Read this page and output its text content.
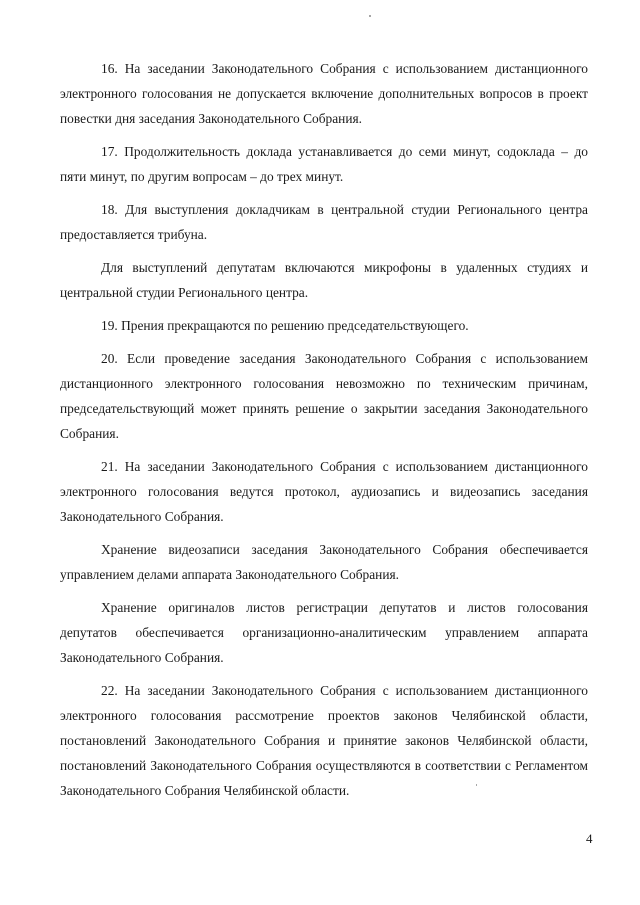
16. На заседании Законодательного Собрания с использованием дистанционного электронного голосования не допускается включение дополнительных вопросов в проект повестки дня заседания Законодательного Собрания.

17. Продолжительность доклада устанавливается до семи минут, содоклада – до пяти минут, по другим вопросам – до трех минут.

18. Для выступления докладчикам в центральной студии Регионального центра предоставляется трибуна.

Для выступлений депутатам включаются микрофоны в удаленных студиях и центральной студии Регионального центра.

19. Прения прекращаются по решению председательствующего.

20. Если проведение заседания Законодательного Собрания с использованием дистанционного электронного голосования невозможно по техническим причинам, председательствующий может принять решение о закрытии заседания Законодательного Собрания.

21. На заседании Законодательного Собрания с использованием дистанционного электронного голосования ведутся протокол, аудиозапись и видеозапись заседания Законодательного Собрания.

Хранение видеозаписи заседания Законодательного Собрания обеспечивается управлением делами аппарата Законодательного Собрания.

Хранение оригиналов листов регистрации депутатов и листов голосования депутатов обеспечивается организационно-аналитическим управлением аппарата Законодательного Собрания.

22. На заседании Законодательного Собрания с использованием дистанционного электронного голосования рассмотрение проектов законов Челябинской области, постановлений Законодательного Собрания и принятие законов Челябинской области, постановлений Законодательного Собрания осуществляются в соответствии с Регламентом Законодательного Собрания Челябинской области.

4
